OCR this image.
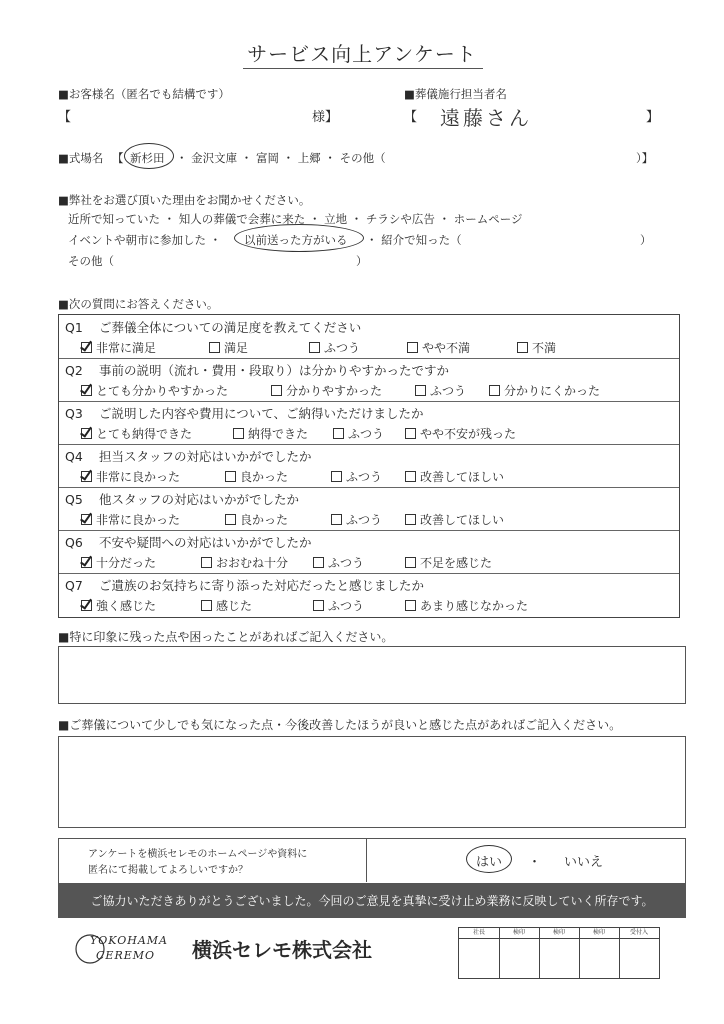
サービス向上アンケート
■お客様名（匿名でも結構です）
【	様】
■葬儀施行担当者名
【 遠藤さん	】
■式場名 【 新杉田 ・ 金沢文庫 ・ 富岡 ・ 上郷 ・ その他（	）】
■弊社をお選び頂いた理由をお聞かせください。
近所で知っていた ・ 知人の葬儀で会葬に来た ・ 立地 ・ チラシや広告 ・ ホームページ
イベントや朝市に参加した ・ 以前送った方がいる ・ 紹介で知った（	）
その他（	）
■次の質問にお答えください。
Q1 ご葬儀全体についての満足度を教えてください
非常に満足	満足	ふつう	やや不満	不満
Q2 事前の説明（流れ・費用・段取り）は分かりやすかったですか
とても分かりやすかった	分かりやすかった	ふつう	分かりにくかった
Q3 ご説明した内容や費用について、ご納得いただけましたか
とても納得できた	納得できた	ふつう	やや不安が残った
Q4 担当スタッフの対応はいかがでしたか
非常に良かった	良かった	ふつう	改善してほしい
Q5 他スタッフの対応はいかがでしたか
非常に良かった	良かった	ふつう	改善してほしい
Q6 不安や疑問への対応はいかがでしたか
十分だった	おおむね十分	ふつう	不足を感じた
Q7 ご遺族のお気持ちに寄り添った対応だったと感じましたか
強く感じた	感じた	ふつう	あまり感じなかった
■特に印象に残った点や困ったことがあればご記入ください。
■ご葬儀について少しでも気になった点・今後改善したほうが良いと感じた点があればご記入ください。
アンケートを横浜セレモのホームページや資料に
匿名にて掲載してよろしいですか？
はい ・ いいえ
ご協力いただきありがとうございました。今回のご意見を真摯に受け止め業務に反映していく所存です。
YOKOHAMA
CEREMO 横浜セレモ株式会社
社長	検印	検印	検印	受付入
